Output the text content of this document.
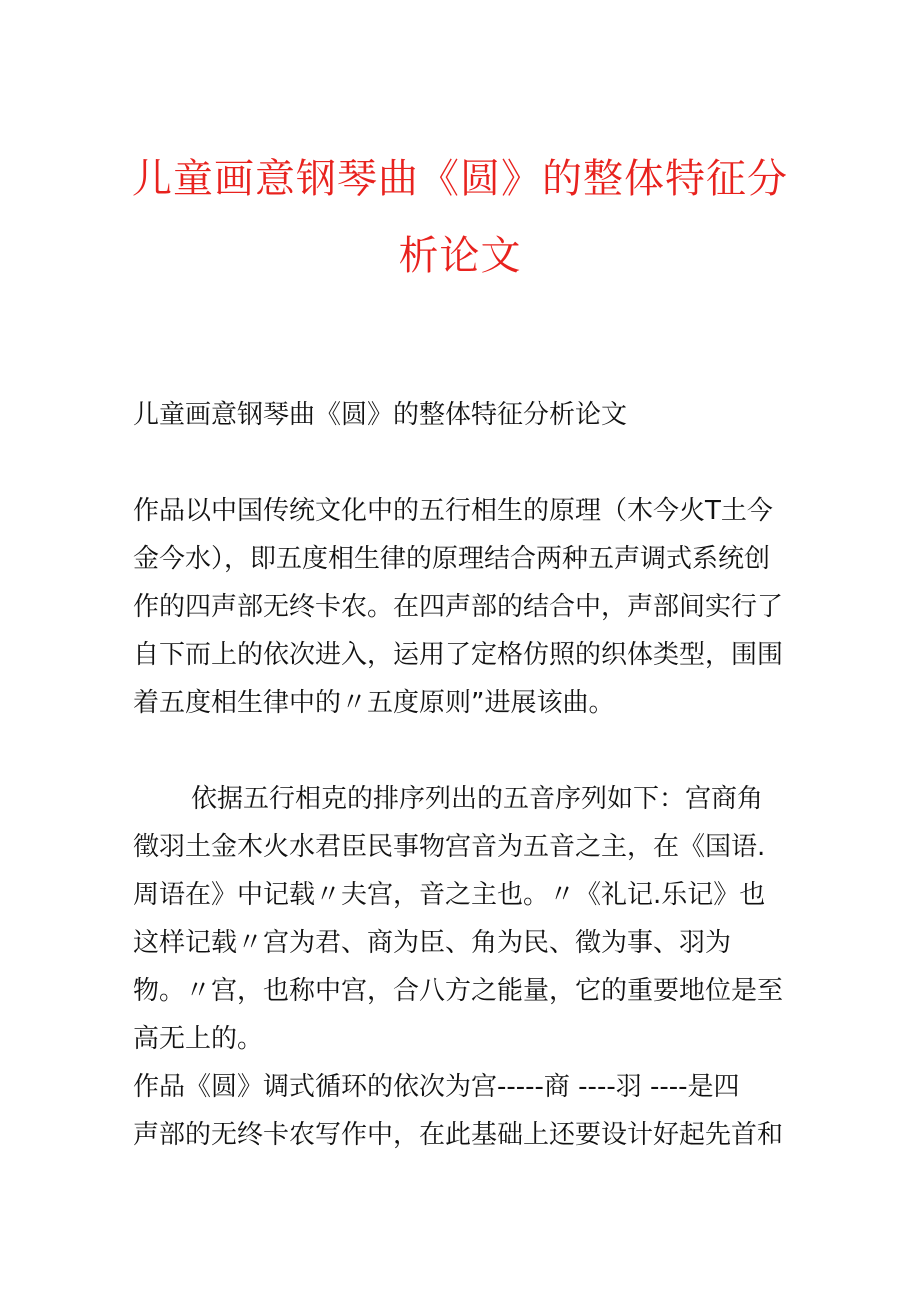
儿童画意钢琴曲《圆》的整体特征分
析论文
儿童画意钢琴曲《圆》的整体特征分析论文
作品以中国传统文化中的五行相生的原理（木今火T土今
金今水），即五度相生律的原理结合两种五声调式系统创
作的四声部无终卡农。在四声部的结合中，声部间实行了
自下而上的依次进入，运用了定格仿照的织体类型，围围
着五度相生律中的〃五度原则”进展该曲。
依据五行相克的排序列出的五音序列如下：宫商角
徵羽土金木火水君臣民事物宫音为五音之主，在《国语.
周语在》中记载〃夫宫，音之主也。〃《礼记.乐记》也
这样记载〃宫为君、商为臣、角为民、徵为事、羽为
物。〃宫，也称中宫，合八方之能量，它的重要地位是至
高无上的。
作品《圆》调式循环的依次为宫-----商 ----羽 ----是四
声部的无终卡农写作中，在此基础上还要设计好起先首和
